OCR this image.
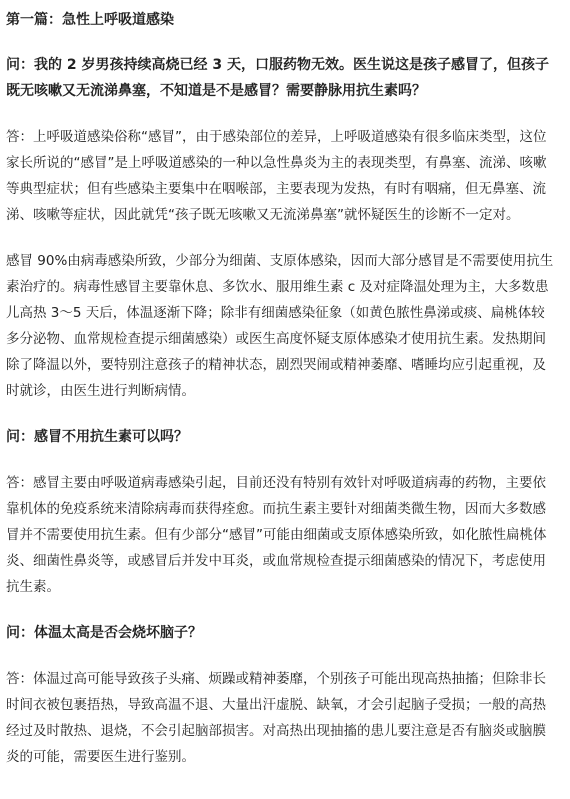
第一篇：急性上呼吸道感染
问：我的 2 岁男孩持续高烧已经 3 天，口服药物无效。医生说这是孩子感冒了，但孩子既无咳嗽又无流涕鼻塞，不知道是不是感冒？需要静脉用抗生素吗？
答：上呼吸道感染俗称“感冒”，由于感染部位的差异，上呼吸道感染有很多临床类型，这位家长所说的“感冒”是上呼吸道感染的一种以急性鼻炎为主的表现类型，有鼻塞、流涕、咳嗽等典型症状；但有些感染主要集中在咽喉部，主要表现为发热，有时有咽痛，但无鼻塞、流涕、咳嗽等症状，因此就凭“孩子既无咳嗽又无流涕鼻塞”就怀疑医生的诊断不一定对。
感冒 90%由病毒感染所致，少部分为细菌、支原体感染，因而大部分感冒是不需要使用抗生素治疗的。病毒性感冒主要靠休息、多饮水、服用维生素 c 及对症降温处理为主，大多数患儿高热 3～5 天后，体温逐渐下降；除非有细菌感染征象（如黄色脓性鼻涕或痰、扁桃体较多分泌物、血常规检查提示细菌感染）或医生高度怀疑支原体感染才使用抗生素。发热期间除了降温以外，要特别注意孩子的精神状态，剧烈哭闹或精神萎靡、嗜睡均应引起重视，及时就诊，由医生进行判断病情。
问：感冒不用抗生素可以吗？
答：感冒主要由呼吸道病毒感染引起，目前还没有特别有效针对呼吸道病毒的药物，主要依靠机体的免疫系统来清除病毒而获得痊愈。而抗生素主要针对细菌类微生物，因而大多数感冒并不需要使用抗生素。但有少部分“感冒”可能由细菌或支原体感染所致，如化脓性扁桃体炎、细菌性鼻炎等，或感冒后并发中耳炎，或血常规检查提示细菌感染的情况下，考虑使用抗生素。
问：体温太高是否会烧坏脑子？
答：体温过高可能导致孩子头痛、烦躁或精神萎靡，个别孩子可能出现高热抽搐；但除非长时间衣被包裹捂热，导致高温不退、大量出汗虚脱、缺氧，才会引起脑子受损；一般的高热经过及时散热、退烧，不会引起脑部损害。对高热出现抽搐的患儿要注意是否有脑炎或脑膜炎的可能，需要医生进行鉴别。
